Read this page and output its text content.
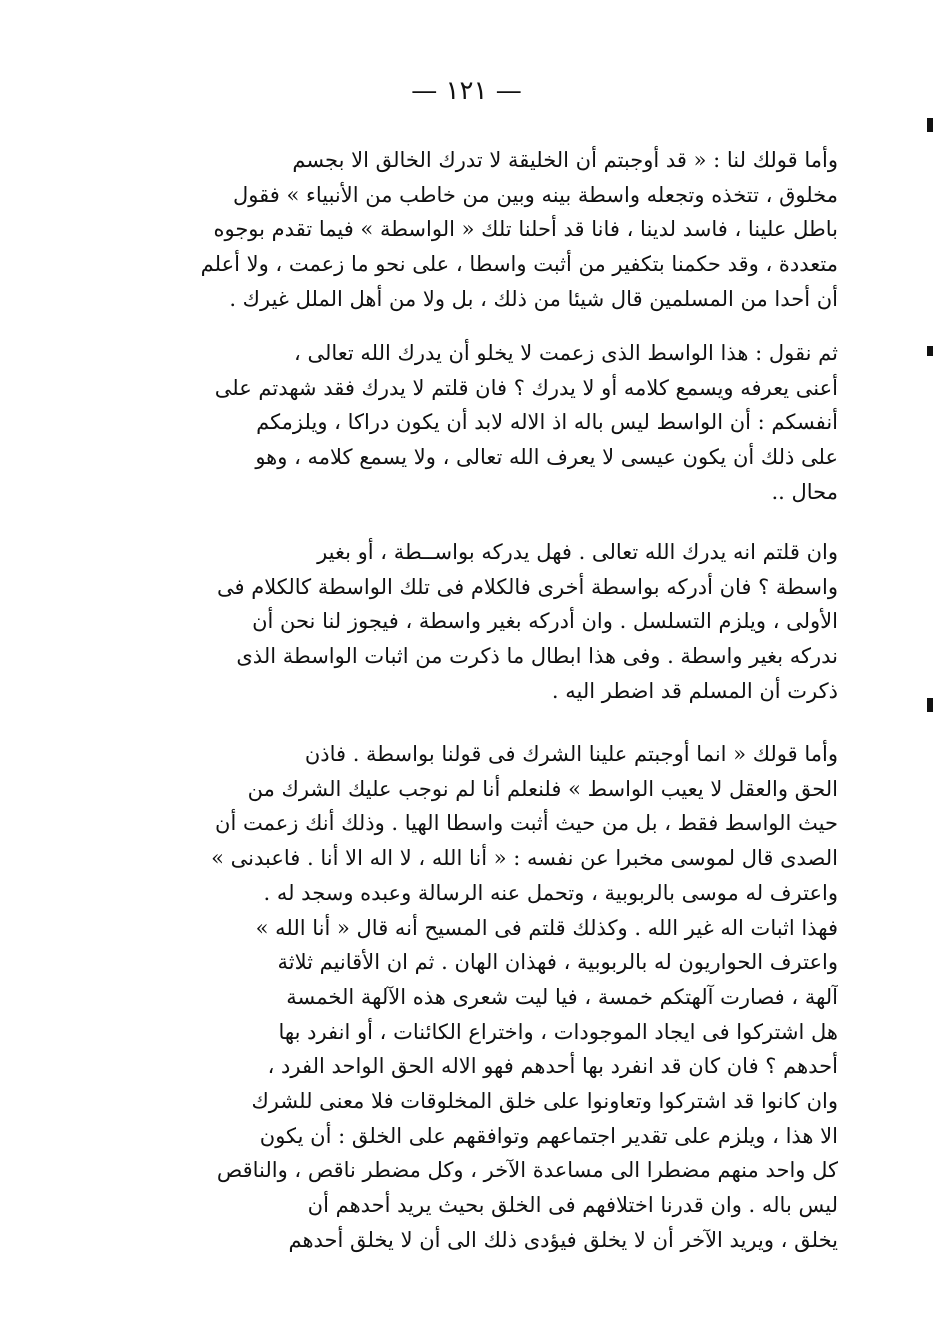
— ١٢١ —
وأما قولك لنا : « قد أوجبتم أن الخليقة لا تدرك الخالق الا بجسم
مخلوق ، تتخذه وتجعله واسطة بينه وبين من خاطب من الأنبياء » فقول
باطل علينا ، فاسد لدينا ، فانا قد أحلنا تلك « الواسطة » فيما تقدم بوجوه
متعددة ، وقد حكمنا بتكفير من أثبت واسطا ، على نحو ما زعمت ، ولا أعلم
أن أحدا من المسلمين قال شيئا من ذلك ، بل ولا من أهل الملل غيرك .
ثم نقول : هذا الواسط الذى زعمت لا يخلو أن يدرك الله تعالى ،
أعنى يعرفه ويسمع كلامه أو لا يدرك ؟ فان قلتم لا يدرك فقد شهدتم على
أنفسكم : أن الواسط ليس باله اذ الاله لابد أن يكون دراكا ، ويلزمكم
على ذلك أن يكون عيسى لا يعرف الله تعالى ، ولا يسمع كلامه ، وهو
محال ..
وان قلتم انه يدرك الله تعالى . فهل يدركه بواســطة ، أو بغير
واسطة ؟ فان أدركه بواسطة أخرى فالكلام فى تلك الواسطة كالكلام فى
الأولى ، ويلزم التسلسل . وان أدركه بغير واسطة ، فيجوز لنا نحن أن
ندركه بغير واسطة . وفى هذا ابطال ما ذكرت من اثبات الواسطة الذى
ذكرت أن المسلم قد اضطر اليه .
وأما قولك « انما أوجبتم علينا الشرك فى قولنا بواسطة . فاذن
الحق والعقل لا يعيب الواسط » فلنعلم أنا لم نوجب عليك الشرك من
حيث الواسط فقط ، بل من حيث أثبت واسطا الهيا . وذلك أنك زعمت أن
الصدى قال لموسى مخبرا عن نفسه : « أنا الله ، لا اله الا أنا . فاعبدنى »
واعترف له موسى بالربوبية ، وتحمل عنه الرسالة وعبده وسجد له .
فهذا اثبات اله غير الله . وكذلك قلتم فى المسيح أنه قال « أنا الله »
واعترف الحواريون له بالربوبية ، فهذان الهان . ثم ان الأقانيم ثلاثة
آلهة ، فصارت آلهتكم خمسة ، فيا ليت شعرى هذه الآلهة الخمسة
هل اشتركوا فى ايجاد الموجودات ، واختراع الكائنات ، أو انفرد بها
أحدهم ؟ فان كان قد انفرد بها أحدهم فهو الاله الحق الواحد الفرد ،
وان كانوا قد اشتركوا وتعاونوا على خلق المخلوقات فلا معنى للشرك
الا هذا ، ويلزم على تقدير اجتماعهم وتوافقهم على الخلق : أن يكون
كل واحد منهم مضطرا الى مساعدة الآخر ، وكل مضطر ناقص ، والناقص
ليس باله . وان قدرنا اختلافهم فى الخلق بحيث يريد أحدهم أن
يخلق ، ويريد الآخر أن لا يخلق فيؤدى ذلك الى أن لا يخلق أحدهم
